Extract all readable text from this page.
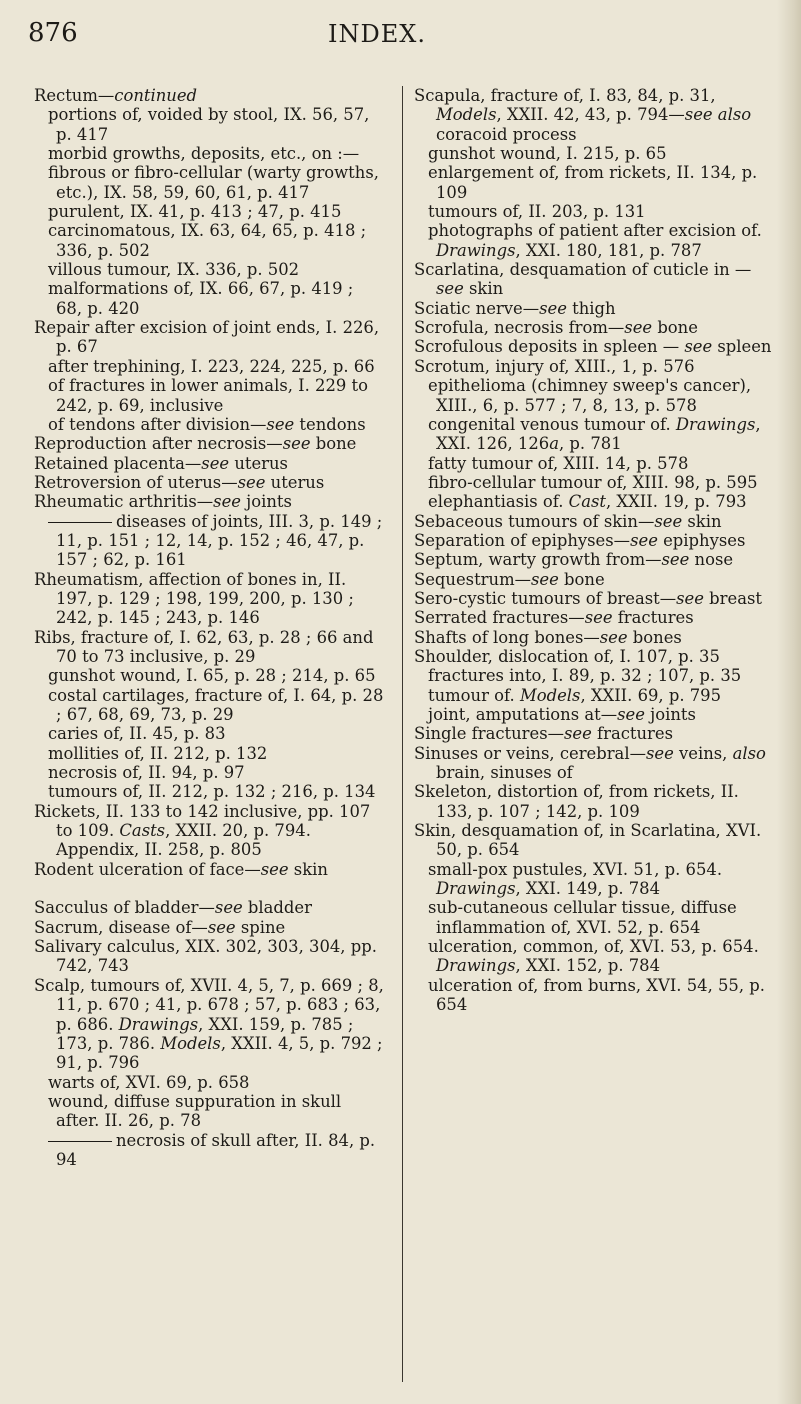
876	INDEX.
Rectum—continued
portions of, voided by stool, IX. 56, 57, p. 417
morbid growths, deposits, etc., on :—
fibrous or fibro-cellular (warty growths, etc.), IX. 58, 59, 60, 61, p. 417
purulent, IX. 41, p. 413 ; 47, p. 415
carcinomatous, IX. 63, 64, 65, p. 418 ; 336, p. 502
villous tumour, IX. 336, p. 502
malformations of, IX. 66, 67, p. 419 ; 68, p. 420
Repair after excision of joint ends, I. 226, p. 67
after trephining, I. 223, 224, 225, p. 66
of fractures in lower animals, I. 229 to 242, p. 69, inclusive
of tendons after division—see tendons
Reproduction after necrosis—see bone
Retained placenta—see uterus
Retroversion of uterus—see uterus
Rheumatic arthritis—see joints
diseases of joints, III. 3, p. 149 ; 11, p. 151 ; 12, 14, p. 152 ; 46, 47, p. 157 ; 62, p. 161
Rheumatism, affection of bones in, II. 197, p. 129 ; 198, 199, 200, p. 130 ; 242, p. 145 ; 243, p. 146
Ribs, fracture of, I. 62, 63, p. 28 ; 66 and 70 to 73 inclusive, p. 29
gunshot wound, I. 65, p. 28 ; 214, p. 65
costal cartilages, fracture of, I. 64, p. 28 ; 67, 68, 69, 73, p. 29
caries of, II. 45, p. 83
mollities of, II. 212, p. 132
necrosis of, II. 94, p. 97
tumours of, II. 212, p. 132 ; 216, p. 134
Rickets, II. 133 to 142 inclusive, pp. 107 to 109. Casts, XXII. 20, p. 794. Appendix, II. 258, p. 805
Rodent ulceration of face—see skin
Sacculus of bladder—see bladder
Sacrum, disease of—see spine
Salivary calculus, XIX. 302, 303, 304, pp. 742, 743
Scalp, tumours of, XVII. 4, 5, 7, p. 669 ; 8, 11, p. 670 ; 41, p. 678 ; 57, p. 683 ; 63, p. 686. Drawings, XXI. 159, p. 785 ; 173, p. 786. Models, XXII. 4, 5, p. 792 ; 91, p. 796
warts of, XVI. 69, p. 658
wound, diffuse suppuration in skull after. II. 26, p. 78
necrosis of skull after, II. 84, p. 94
Scapula, fracture of, I. 83, 84, p. 31, Models, XXII. 42, 43, p. 794—see also coracoid process
gunshot wound, I. 215, p. 65
enlargement of, from rickets, II. 134, p. 109
tumours of, II. 203, p. 131
photographs of patient after excision of. Drawings, XXI. 180, 181, p. 787
Scarlatina, desquamation of cuticle in —see skin
Sciatic nerve—see thigh
Scrofula, necrosis from—see bone
Scrofulous deposits in spleen — see spleen
Scrotum, injury of, XIII., 1, p. 576
epithelioma (chimney sweep's cancer), XIII., 6, p. 577 ; 7, 8, 13, p. 578
congenital venous tumour of. Drawings, XXI. 126, 126a, p. 781
fatty tumour of, XIII. 14, p. 578
fibro-cellular tumour of, XIII. 98, p. 595
elephantiasis of. Cast, XXII. 19, p. 793
Sebaceous tumours of skin—see skin
Separation of epiphyses—see epiphyses
Septum, warty growth from—see nose
Sequestrum—see bone
Sero-cystic tumours of breast—see breast
Serrated fractures—see fractures
Shafts of long bones—see bones
Shoulder, dislocation of, I. 107, p. 35
fractures into, I. 89, p. 32 ; 107, p. 35
tumour of. Models, XXII. 69, p. 795
joint, amputations at—see joints
Single fractures—see fractures
Sinuses or veins, cerebral—see veins, also brain, sinuses of
Skeleton, distortion of, from rickets, II. 133, p. 107 ; 142, p. 109
Skin, desquamation of, in Scarlatina, XVI. 50, p. 654
small-pox pustules, XVI. 51, p. 654. Drawings, XXI. 149, p. 784
sub-cutaneous cellular tissue, diffuse inflammation of, XVI. 52, p. 654
ulceration, common, of, XVI. 53, p. 654. Drawings, XXI. 152, p. 784
ulceration of, from burns, XVI. 54, 55, p. 654
